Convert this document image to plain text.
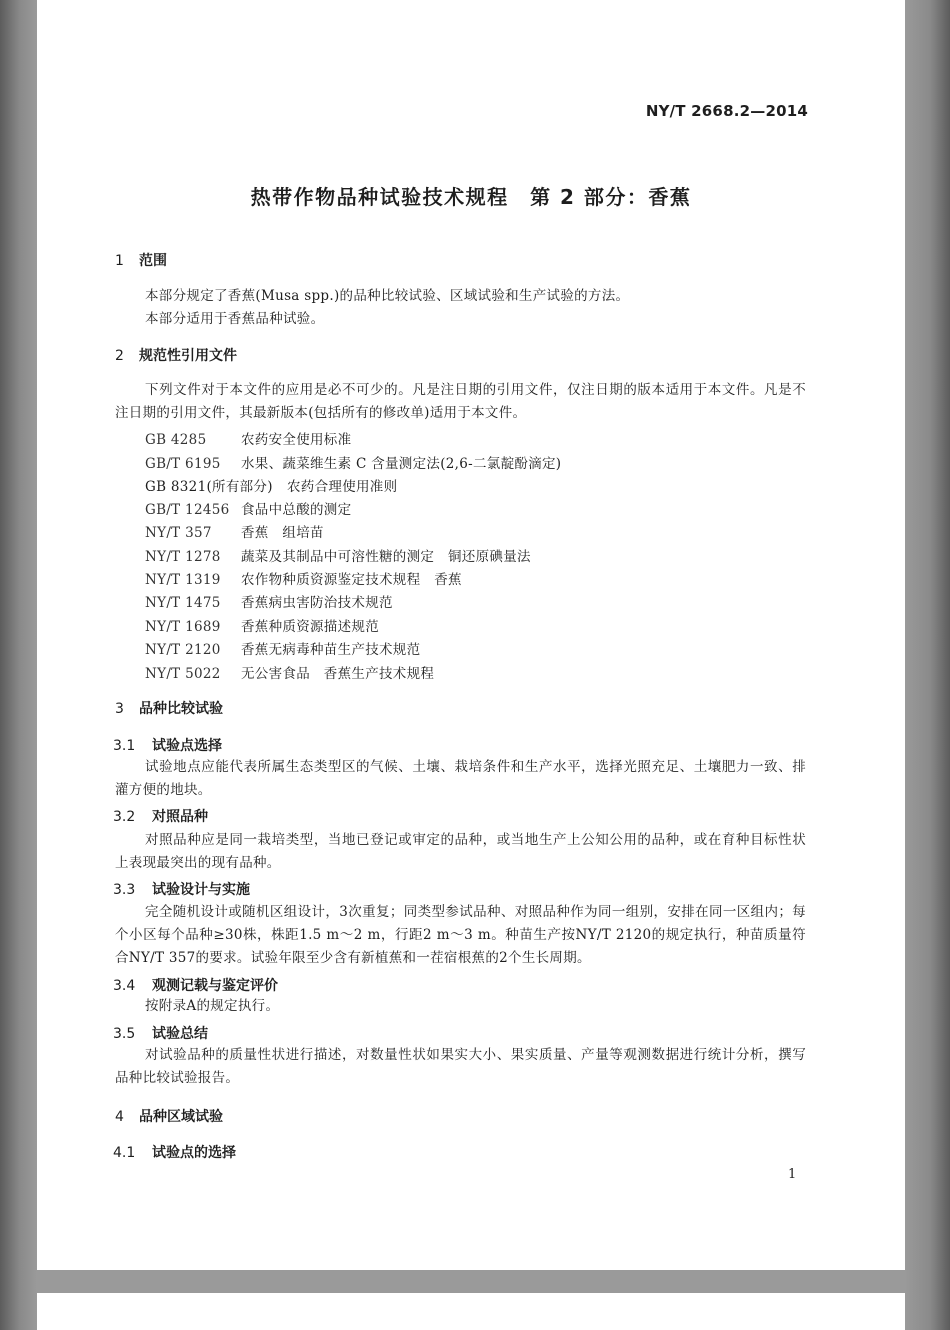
NY/T 2668.2—2014
热带作物品种试验技术规程　第 2 部分：香蕉
1 范围
本部分规定了香蕉(Musa spp.)的品种比较试验、区域试验和生产试验的方法。
本部分适用于香蕉品种试验。
2 规范性引用文件
下列文件对于本文件的应用是必不可少的。凡是注日期的引用文件，仅注日期的版本适用于本文件。凡是不注日期的引用文件，其最新版本(包括所有的修改单)适用于本文件。
GB 4285	农药安全使用标准
GB/T 6195 水果、蔬菜维生素 C 含量测定法(2,6-二氯靛酚滴定)
GB 8321(所有部分) 农药合理使用准则
GB/T 12456 食品中总酸的测定
NY/T 357 香蕉　组培苗
NY/T 1278 蔬菜及其制品中可溶性糖的测定　铜还原碘量法
NY/T 1319 农作物种质资源鉴定技术规程　香蕉
NY/T 1475 香蕉病虫害防治技术规范
NY/T 1689 香蕉种质资源描述规范
NY/T 2120 香蕉无病毒种苗生产技术规范
NY/T 5022 无公害食品　香蕉生产技术规程
3 品种比较试验
3.1 试验点选择
试验地点应能代表所属生态类型区的气候、土壤、栽培条件和生产水平，选择光照充足、土壤肥力一致、排灌方便的地块。
3.2 对照品种
对照品种应是同一栽培类型，当地已登记或审定的品种，或当地生产上公知公用的品种，或在育种目标性状上表现最突出的现有品种。
3.3 试验设计与实施
完全随机设计或随机区组设计，3次重复；同类型参试品种、对照品种作为同一组别，安排在同一区组内；每个小区每个品种≥30株，株距1.5 m～2 m，行距2 m～3 m。种苗生产按NY/T 2120的规定执行，种苗质量符合NY/T 357的要求。试验年限至少含有新植蕉和一茬宿根蕉的2个生长周期。
3.4 观测记载与鉴定评价
按附录A的规定执行。
3.5 试验总结
对试验品种的质量性状进行描述，对数量性状如果实大小、果实质量、产量等观测数据进行统计分析，撰写品种比较试验报告。
4 品种区域试验
4.1 试验点的选择
1
